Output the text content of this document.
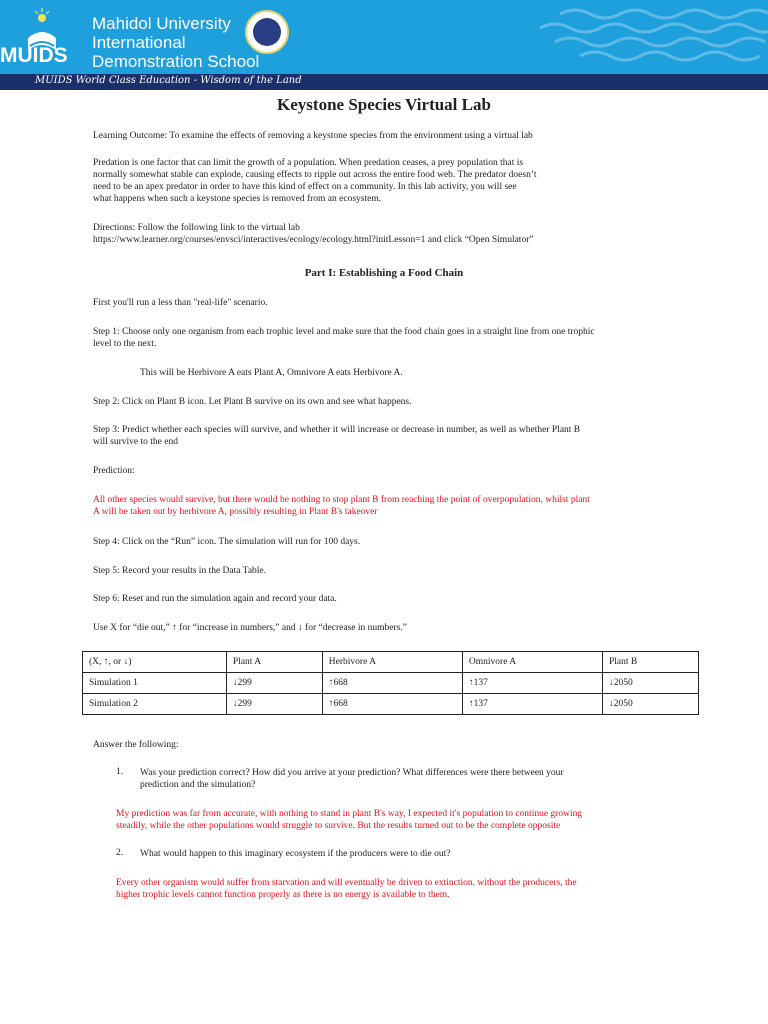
MUIDS
Mahidol University
International
Demonstration School
MUIDS World Class Education - Wisdom of the Land
Keystone Species Virtual Lab
Learning Outcome: To examine the effects of removing a keystone species from the environment using a virtual lab
Predation is one factor that can limit the growth of a population. When predation ceases, a prey population that is
normally somewhat stable can explode, causing effects to ripple out across the entire food web. The predator doesn’t
need to be an apex predator in order to have this kind of effect on a community. In this lab activity, you will see
what happens when such a keystone species is removed from an ecosystem.
Directions: Follow the following link to the virtual lab
https://www.learner.org/courses/envsci/interactives/ecology/ecology.html?initLesson=1 and click “Open Simulator”
Part I: Establishing a Food Chain
First you'll run a less than "real-life" scenario.
Step 1: Choose only one organism from each trophic level and make sure that the food chain goes in a straight line from one trophic
level to the next.
This will be Herbivore A eats Plant A, Omnivore A eats Herbivore A.
Step 2: Click on Plant B icon. Let Plant B survive on its own and see what happens.
Step 3: Predict whether each species will survive, and whether it will increase or decrease in number, as well as whether Plant B
will survive to the end
Prediction:
All other species would survive, but there would be nothing to stop plant B from reaching the point of overpopulation, whilst plant
A will be taken out by herbivore A, possibly resulting in Plant B's takeover
Step 4: Click on the “Run” icon. The simulation will run for 100 days.
Step 5: Record your results in the Data Table.
Step 6: Reset and run the simulation again and record your data.
Use X for “die out,” ↑ for “increase in numbers,” and ↓ for “decrease in numbers.”
(X, ↑, or ↓)	Plant A	Herbivore A	Omnivore A	Plant B
Simulation 1	↓299	↑668	↑137	↓2050
Simulation 2	↓299	↑668	↑137	↓2050
Answer the following:
1. Was your prediction correct? How did you arrive at your prediction? What differences were there between your
prediction and the simulation?
My prediction was far from accurate, with nothing to stand in plant B's way, I expected it's population to continue growing
steadily, while the other populations would struggle to survive. But the results turned out to be the complete opposite
2. What would happen to this imaginary ecosystem if the producers were to die out?
Every other organism would suffer from starvation and will eventually be driven to extinction. without the producers, the
higher trophic levels cannot function properly as there is no energy is available to them.
